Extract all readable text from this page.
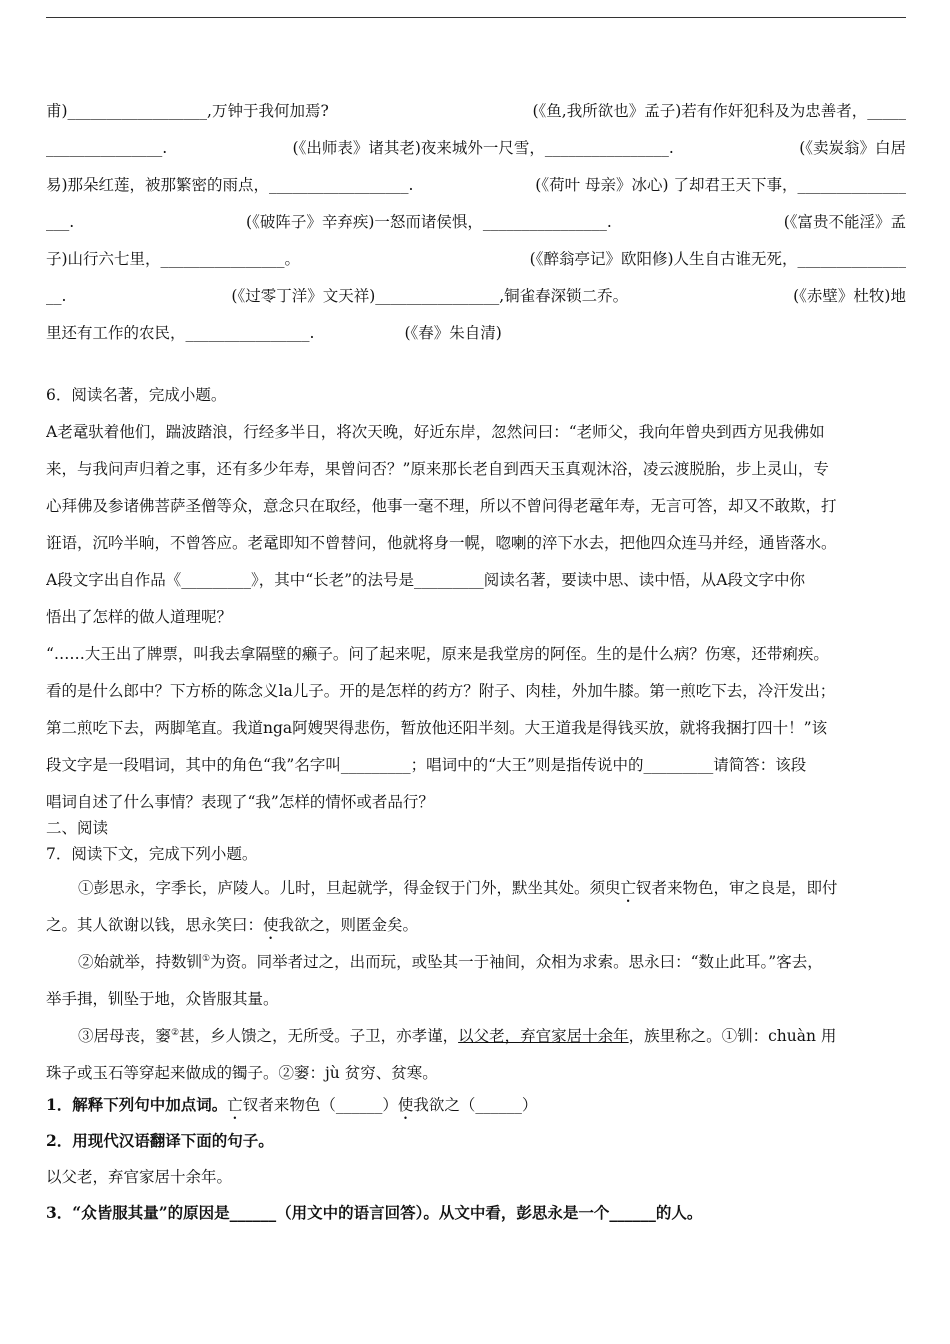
甫)__________________,万钟于我何加焉?	(《鱼,我所欲也》孟子)若有作奸犯科及为忠善者，_____
_______________.	(《出师表》诸其老)夜来城外一尺雪，________________.	(《卖炭翁》白居
易)那朵红莲，被那繁密的雨点，__________________.	(《荷叶 母亲》冰心) 了却君王天下事，______________
___.	(《破阵子》辛弃疾)一怒而诸侯惧，________________.	(《富贵不能淫》孟
子)山行六七里，________________。	(《醉翁亭记》欧阳修)人生自古谁无死，______________
__.	(《过零丁洋》文天祥)________________,铜雀春深锁二乔。	(《赤壁》杜牧)地
里还有工作的农民，________________.	(《春》朱自清)
6．阅读名著，完成小题。
A老鼋驮着他们，踹波踏浪，行经多半日，将次天晚，好近东岸，忽然问曰：“老师父，我向年曾央到西方见我佛如
来，与我问声归着之事，还有多少年寿，果曾问否？”原来那长老自到西天玉真观沐浴，凌云渡脱胎，步上灵山，专
心拜佛及参诸佛菩萨圣僧等众，意念只在取经，他事一毫不理，所以不曾问得老鼋年寿，无言可答，却又不敢欺，打
诳语，沉吟半晌，不曾答应。老鼋即知不曾替问，他就将身一幌，唿喇的淬下水去，把他四众连马并经，通皆落水。
A段文字出自作品《_________》，其中“长老”的法号是_________阅读名著，要读中思、读中悟，从A段文字中你
悟出了怎样的做人道理呢？
“……大王出了牌票，叫我去拿隔壁的癞子。问了起来呢，原来是我堂房的阿侄。生的是什么病？伤寒，还带痢疾。
看的是什么郎中？下方桥的陈念义la儿子。开的是怎样的药方？附子、肉桂，外加牛膝。第一煎吃下去，冷汗发出；
第二煎吃下去，两脚笔直。我道nga阿嫂哭得悲伤，暂放他还阳半刻。大王道我是得钱买放，就将我捆打四十！”该
段文字是一段唱词，其中的角色“我”名字叫_________；唱词中的“大王”则是指传说中的_________请简答：该段
唱词自述了什么事情？表现了“我”怎样的情怀或者品行？
二、阅读
7．阅读下文，完成下列小题。
①彭思永，字季长，庐陵人。儿时，旦起就学，得金钗于门外，默坐其处。须臾亡钗者来物色，审之良是，即付
之。其人欲谢以钱，思永笑曰：使我欲之，则匿金矣。
②始就举，持数钏①为资。同举者过之，出而玩，或坠其一于袖间，众相为求索。思永曰：“数止此耳。”客去，
举手揖，钏坠于地，众皆服其量。
③居母丧，窭②甚，乡人馈之，无所受。子卫，亦孝谨，以父老，弃官家居十余年，族里称之。①钏：chuàn 用
珠子或玉石等穿起来做成的镯子。②窭：jù 贫穷、贫寒。
1．解释下列句中加点词。亡钗者来物色（______）使我欲之（______）
2．用现代汉语翻译下面的句子。
以父老，弃官家居十余年。
3．“众皆服其量”的原因是______（用文中的语言回答）。从文中看，彭思永是一个______的人。
